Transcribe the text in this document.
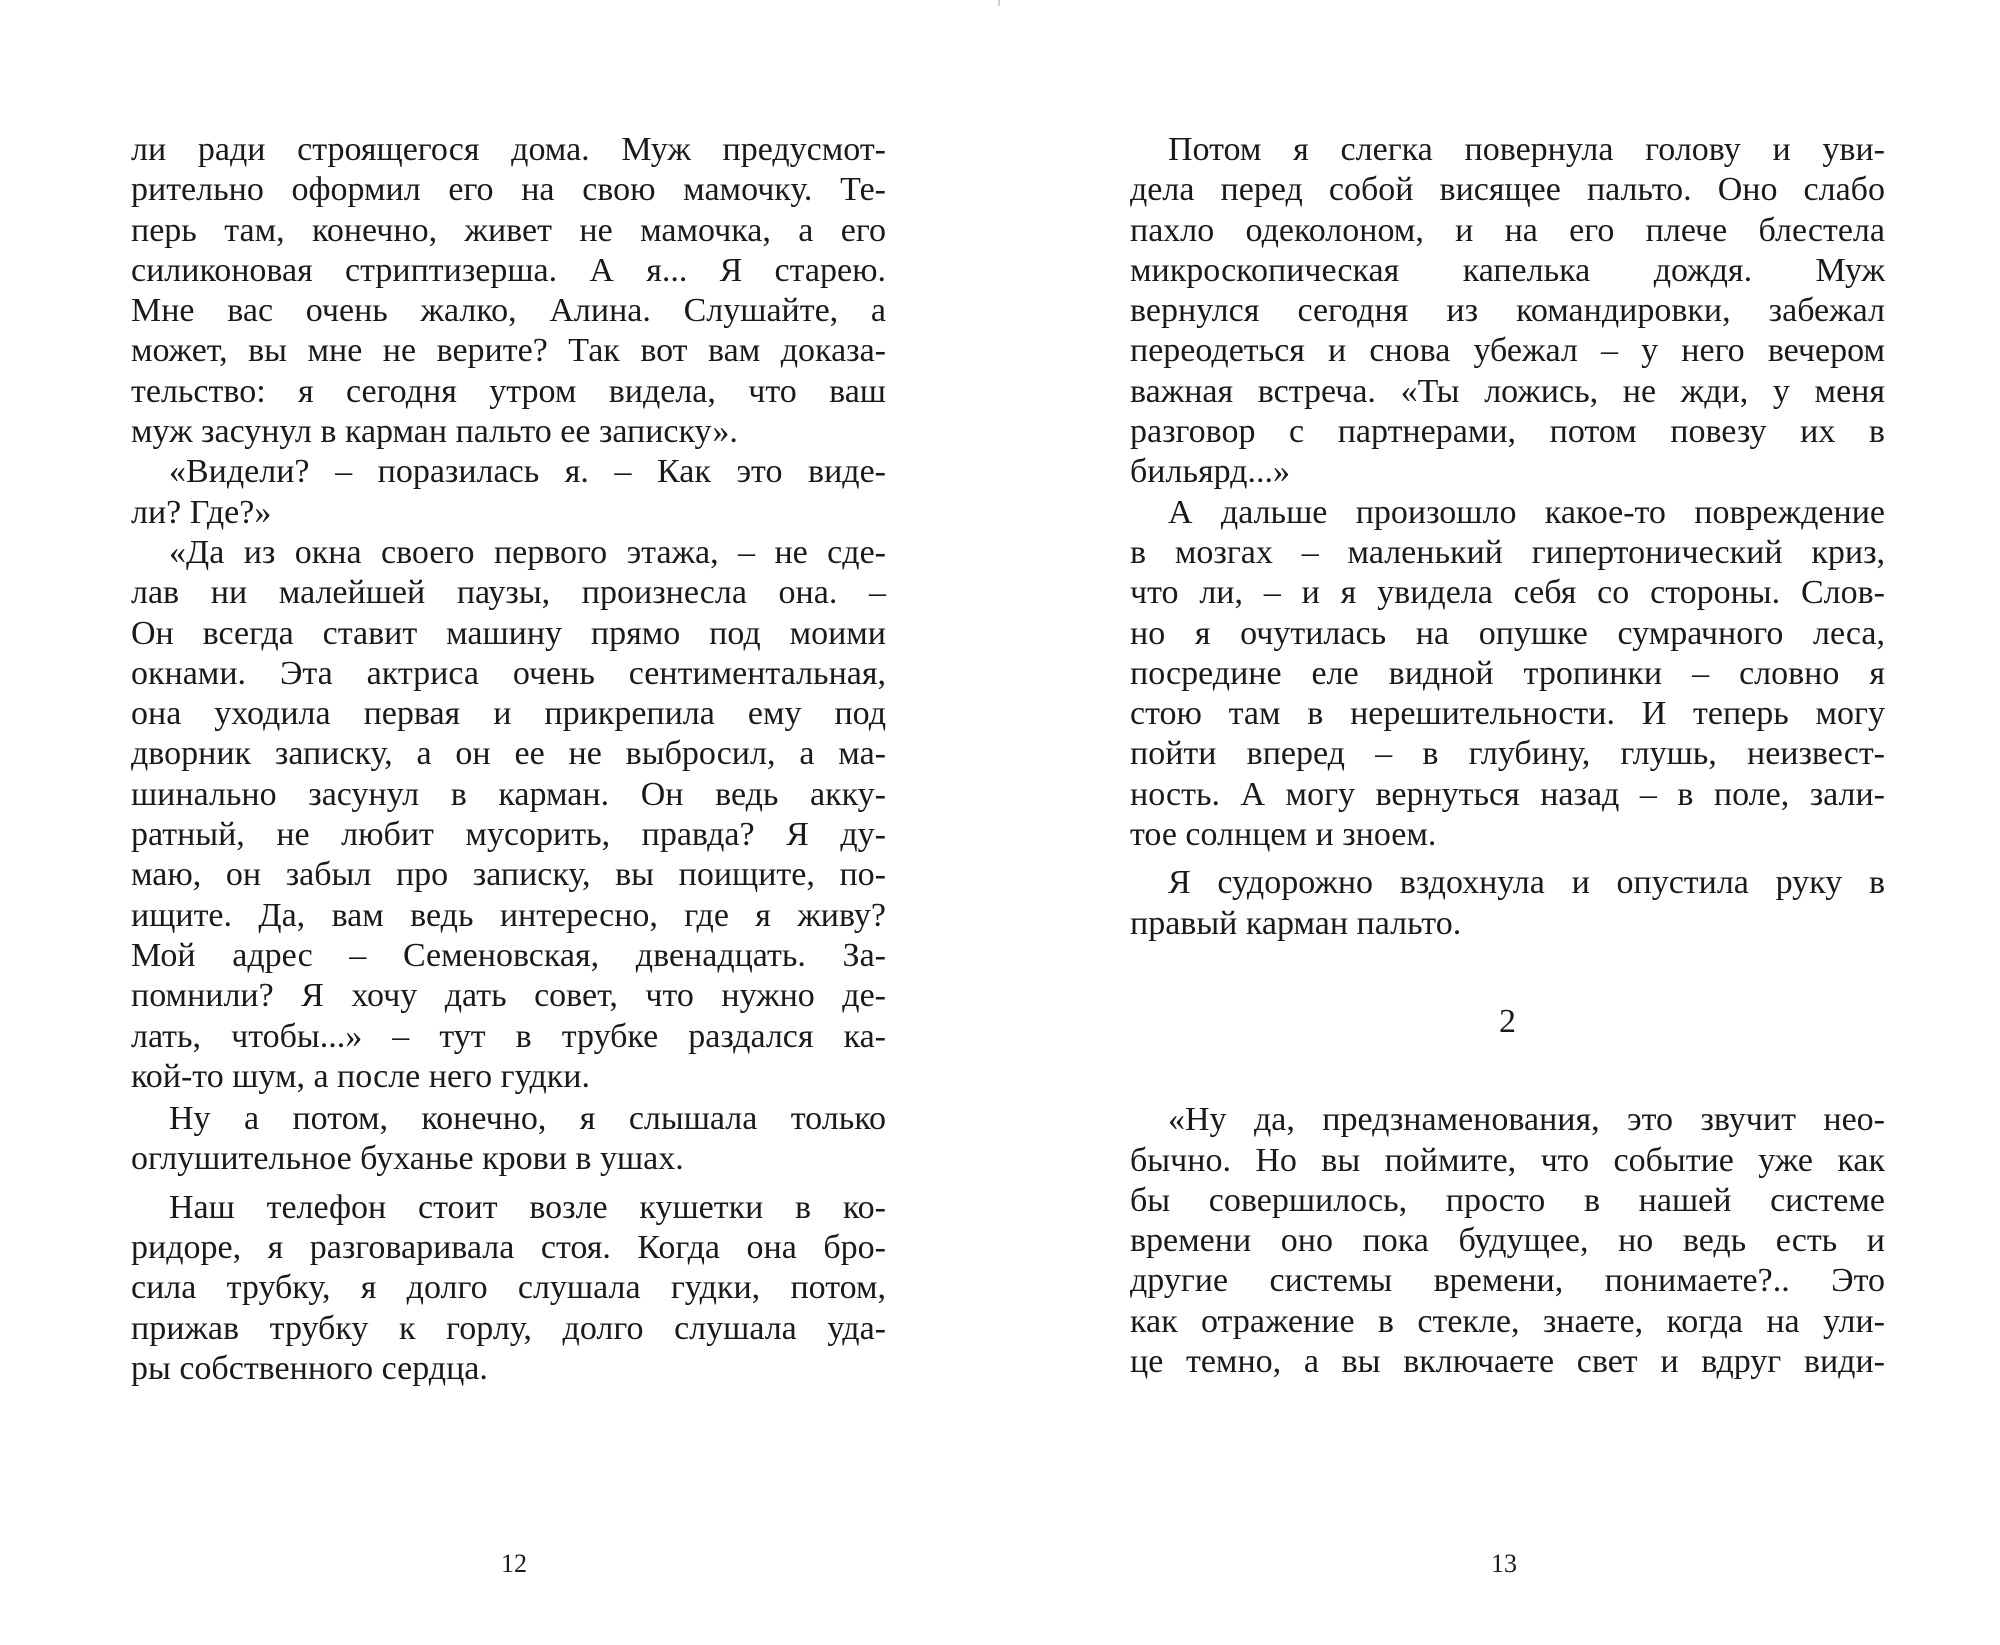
ли ради строящегося дома. Муж предусмот-
рительно оформил его на свою мамочку. Те-
перь там, конечно, живет не мамочка, а его
силиконовая стриптизерша. А я... Я старею.
Мне вас очень жалко, Алина. Слушайте, а
может, вы мне не верите? Так вот вам доказа-
тельство: я сегодня утром видела, что ваш
муж засунул в карман пальто ее записку».
«Видели? – поразилась я. – Как это виде-
ли? Где?»
«Да из окна своего первого этажа, – не сде-
лав ни малейшей паузы, произнесла она. –
Он всегда ставит машину прямо под моими
окнами. Эта актриса очень сентиментальная,
она уходила первая и прикрепила ему под
дворник записку, а он ее не выбросил, а ма-
шинально засунул в карман. Он ведь акку-
ратный, не любит мусорить, правда? Я ду-
маю, он забыл про записку, вы поищите, по-
ищите. Да, вам ведь интересно, где я живу?
Мой адрес – Семеновская, двенадцать. За-
помнили? Я хочу дать совет, что нужно де-
лать, чтобы...» – тут в трубке раздался ка-
кой-то шум, а после него гудки.
Ну а потом, конечно, я слышала только
оглушительное буханье крови в ушах.
Наш телефон стоит возле кушетки в ко-
ридоре, я разговаривала стоя. Когда она бро-
сила трубку, я долго слушала гудки, потом,
прижав трубку к горлу, долго слушала уда-
ры собственного сердца.
12
Потом я слегка повернула голову и уви-
дела перед собой висящее пальто. Оно слабо
пахло одеколоном, и на его плече блестела
микроскопическая капелька дождя. Муж
вернулся сегодня из командировки, забежал
переодеться и снова убежал – у него вечером
важная встреча. «Ты ложись, не жди, у меня
разговор с партнерами, потом повезу их в
бильярд...»
А дальше произошло какое-то повреждение
в мозгах – маленький гипертонический криз,
что ли, – и я увидела себя со стороны. Слов-
но я очутилась на опушке сумрачного леса,
посредине еле видной тропинки – словно я
стою там в нерешительности. И теперь могу
пойти вперед – в глубину, глушь, неизвест-
ность. А могу вернуться назад – в поле, зали-
тое солнцем и зноем.
Я судорожно вздохнула и опустила руку в
правый карман пальто.
2
«Ну да, предзнаменования, это звучит нео-
бычно. Но вы поймите, что событие уже как
бы совершилось, просто в нашей системе
времени оно пока будущее, но ведь есть и
другие системы времени, понимаете?.. Это
как отражение в стекле, знаете, когда на ули-
це темно, а вы включаете свет и вдруг види-
13
